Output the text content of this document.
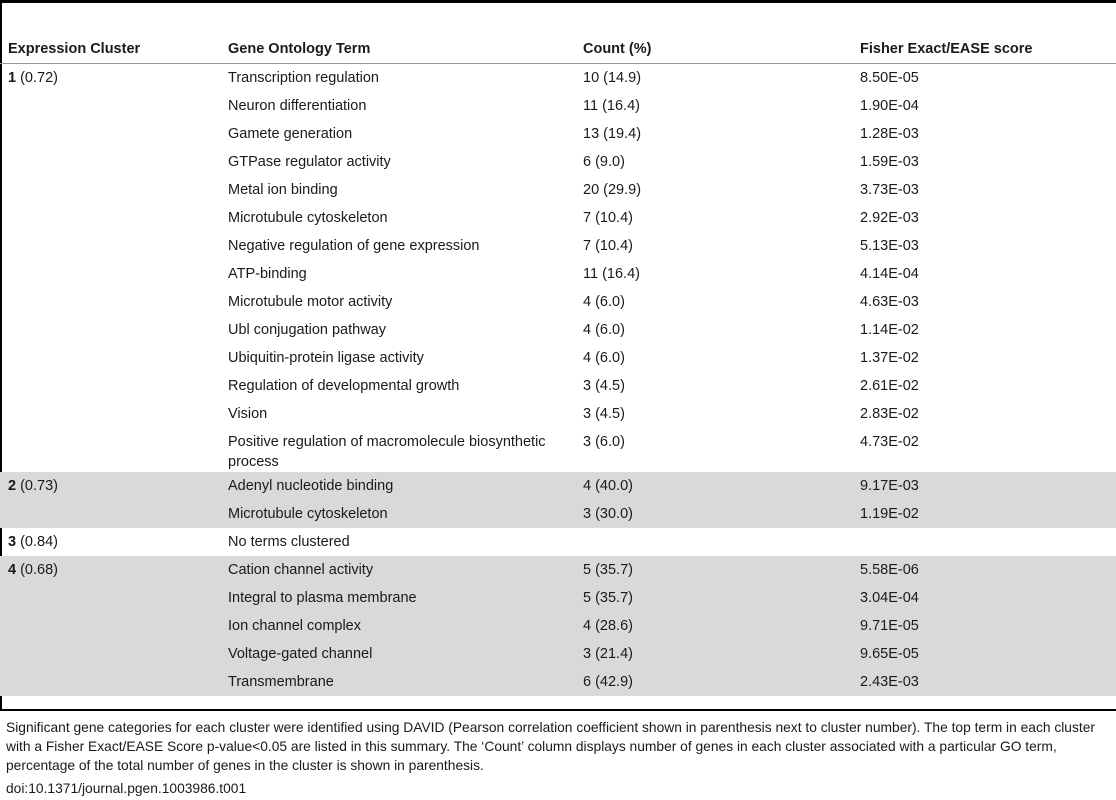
Expression Cluster	Gene Ontology Term	Count (%)	Fisher Exact/EASE score
1 (0.72)	Transcription regulation	10 (14.9)	8.50E-05
	Neuron differentiation	11 (16.4)	1.90E-04
	Gamete generation	13 (19.4)	1.28E-03
	GTPase regulator activity	6 (9.0)	1.59E-03
	Metal ion binding	20 (29.9)	3.73E-03
	Microtubule cytoskeleton	7 (10.4)	2.92E-03
	Negative regulation of gene expression	7 (10.4)	5.13E-03
	ATP-binding	11 (16.4)	4.14E-04
	Microtubule motor activity	4 (6.0)	4.63E-03
	Ubl conjugation pathway	4 (6.0)	1.14E-02
	Ubiquitin-protein ligase activity	4 (6.0)	1.37E-02
	Regulation of developmental growth	3 (4.5)	2.61E-02
	Vision	3 (4.5)	2.83E-02
	Positive regulation of macromolecule biosynthetic process	3 (6.0)	4.73E-02
2 (0.73)	Adenyl nucleotide binding	4 (40.0)	9.17E-03
	Microtubule cytoskeleton	3 (30.0)	1.19E-02
3 (0.84)	No terms clustered		
4 (0.68)	Cation channel activity	5 (35.7)	5.58E-06
	Integral to plasma membrane	5 (35.7)	3.04E-04
	Ion channel complex	4 (28.6)	9.71E-05
	Voltage-gated channel	3 (21.4)	9.65E-05
	Transmembrane	6 (42.9)	2.43E-03
Significant gene categories for each cluster were identified using DAVID (Pearson correlation coefficient shown in parenthesis next to cluster number). The top term in each cluster with a Fisher Exact/EASE Score p-value<0.05 are listed in this summary. The ‘Count’ column displays number of genes in each cluster associated with a particular GO term, percentage of the total number of genes in the cluster is shown in parenthesis.
doi:10.1371/journal.pgen.1003986.t001
